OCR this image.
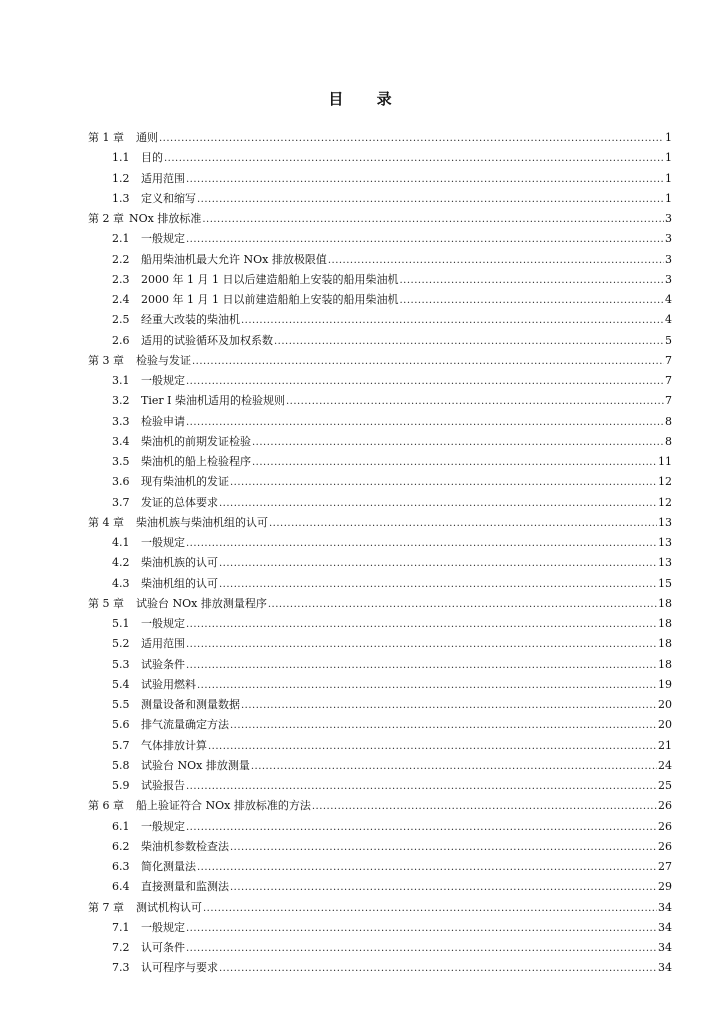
目 录
第 1 章 通则 .....	1
1.1	目的 .....	1
1.2	适用范围 .....	1
1.3	定义和缩写 .....	1
第 2 章 NOx 排放标准 .....	3
2.1	一般规定 .....	3
2.2	船用柴油机最大允许 NOx 排放极限值 .....	3
2.3	2000 年 1 月 1 日以后建造船舶上安装的船用柴油机 .....	3
2.4	2000 年 1 月 1 日以前建造船舶上安装的船用柴油机 .....	4
2.5	经重大改装的柴油机 .....	4
2.6	适用的试验循环及加权系数 .....	5
第 3 章 检验与发证 .....	7
3.1	一般规定 .....	7
3.2	Tier I 柴油机适用的检验规则 .....	7
3.3	检验申请 .....	8
3.4	柴油机的前期发证检验 .....	8
3.5	柴油机的船上检验程序 .....	11
3.6	现有柴油机的发证 .....	12
3.7	发证的总体要求 .....	12
第 4 章 柴油机族与柴油机组的认可 .....	13
4.1	一般规定 .....	13
4.2	柴油机族的认可 .....	13
4.3	柴油机组的认可 .....	15
第 5 章 试验台 NOx 排放测量程序 .....	18
5.1	一般规定 .....	18
5.2	适用范围 .....	18
5.3	试验条件 .....	18
5.4	试验用燃料 .....	19
5.5	测量设备和测量数据 .....	20
5.6	排气流量确定方法 .....	20
5.7	气体排放计算 .....	21
5.8	试验台 NOx 排放测量 .....	24
5.9	试验报告 .....	25
第 6 章 船上验证符合 NOx 排放标准的方法 .....	26
6.1	一般规定 .....	26
6.2	柴油机参数检查法 .....	26
6.3	简化测量法 .....	27
6.4	直接测量和监测法 .....	29
第 7 章 测试机构认可 .....	34
7.1	一般规定 .....	34
7.2	认可条件 .....	34
7.3	认可程序与要求 .....	34
